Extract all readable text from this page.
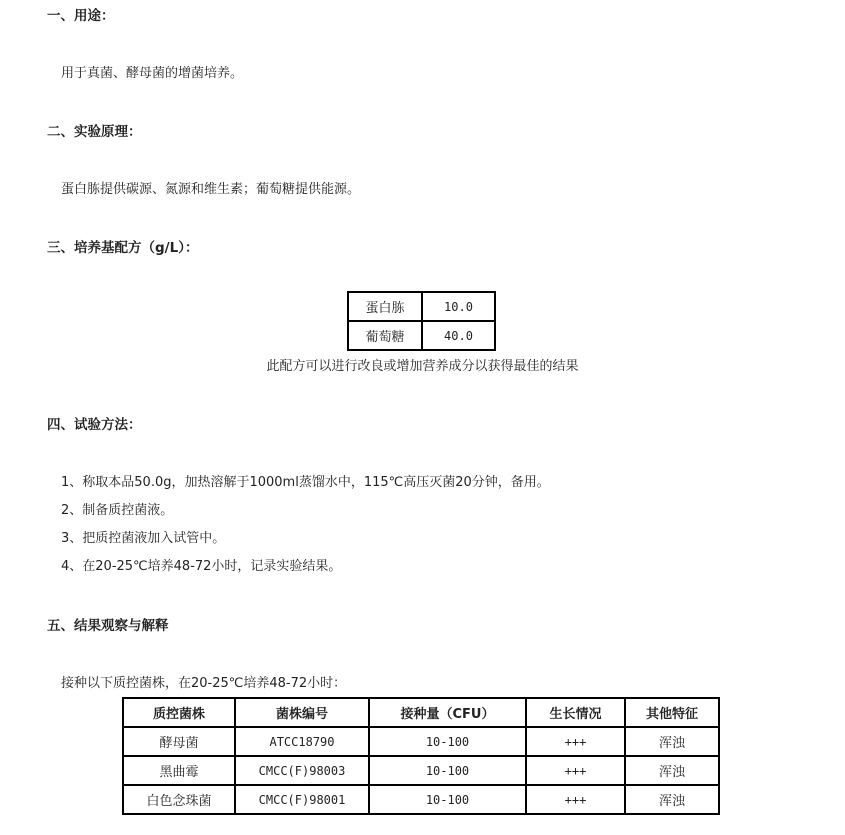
一、用途：
用于真菌、酵母菌的增菌培养。
二、实验原理：
蛋白胨提供碳源、氮源和维生素；葡萄糖提供能源。
三、培养基配方（g/L）：
蛋白胨	10.0
葡萄糖	40.0
此配方可以进行改良或增加营养成分以获得最佳的结果
四、试验方法：
1、称取本品50.0g，加热溶解于1000ml蒸馏水中，115℃高压灭菌20分钟，备用。
2、制备质控菌液。
3、把质控菌液加入试管中。
4、在20-25℃培养48-72小时，记录实验结果。
五、结果观察与解释
接种以下质控菌株，在20-25℃培养48-72小时：
质控菌株	菌株编号	接种量（CFU）	生长情况	其他特征
酵母菌	ATCC18790	10-100	+++	浑浊
黑曲霉	CMCC(F)98003	10-100	+++	浑浊
白色念珠菌	CMCC(F)98001	10-100	+++	浑浊
